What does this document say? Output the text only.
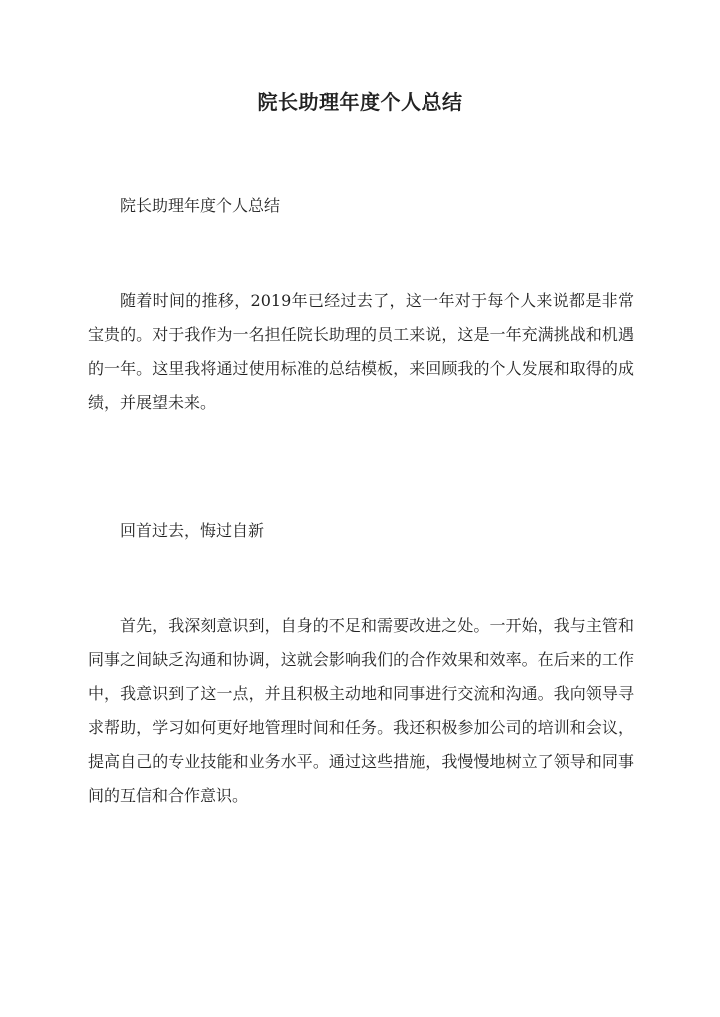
院长助理年度个人总结
院长助理年度个人总结

随着时间的推移，2019年已经过去了，这一年对于每个人来说都是非常宝贵的。对于我作为一名担任院长助理的员工来说，这是一年充满挑战和机遇的一年。这里我将通过使用标准的总结模板，来回顾我的个人发展和取得的成绩，并展望未来。

回首过去，悔过自新

首先，我深刻意识到，自身的不足和需要改进之处。一开始，我与主管和同事之间缺乏沟通和协调，这就会影响我们的合作效果和效率。在后来的工作中，我意识到了这一点，并且积极主动地和同事进行交流和沟通。我向领导寻求帮助，学习如何更好地管理时间和任务。我还积极参加公司的培训和会议，提高自己的专业技能和业务水平。通过这些措施，我慢慢地树立了领导和同事间的互信和合作意识。
